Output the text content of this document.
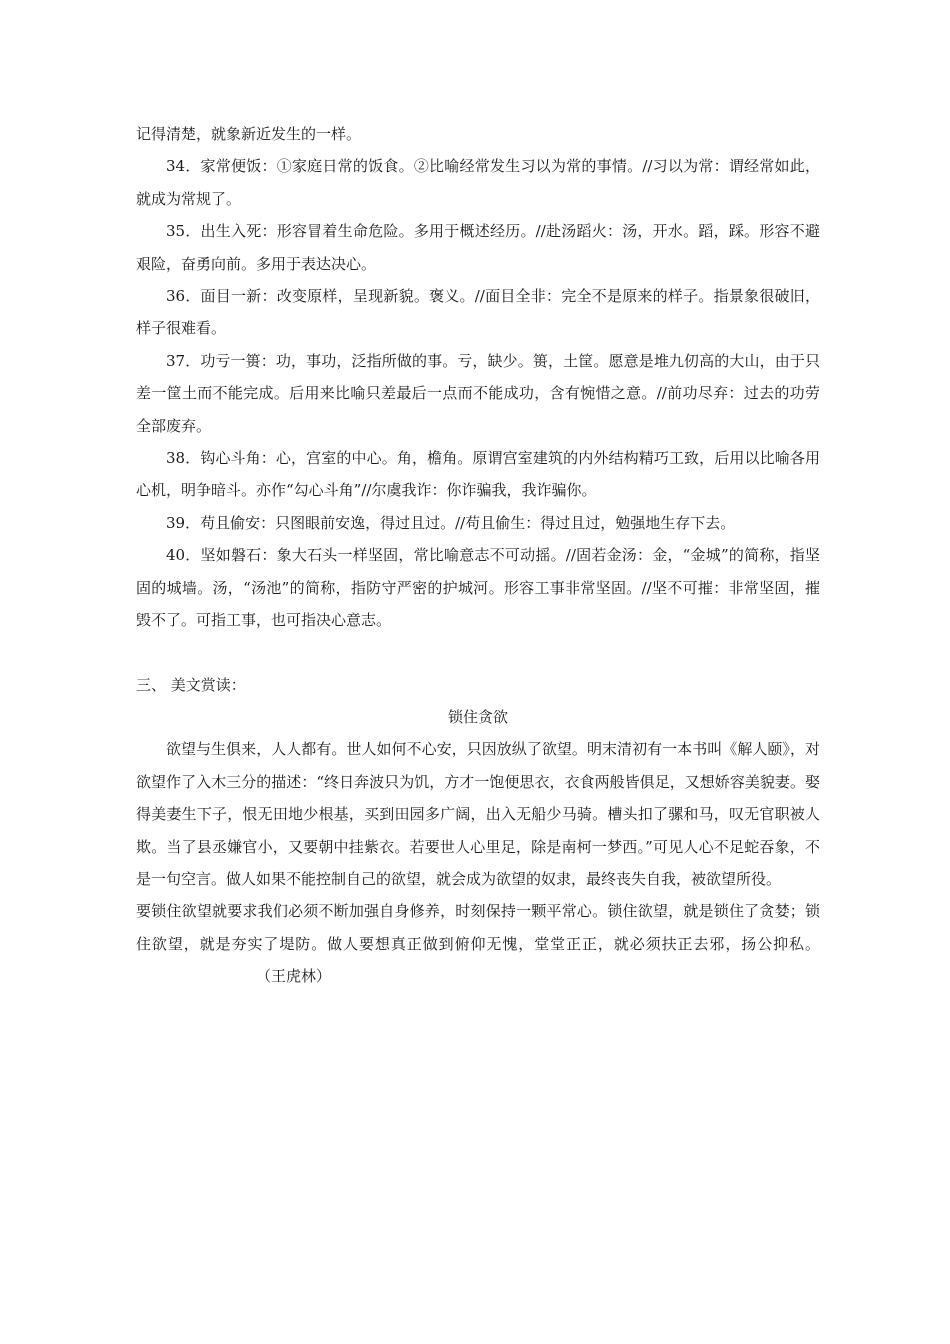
记得清楚，就象新近发生的一样。

34．家常便饭：①家庭日常的饭食。②比喻经常发生习以为常的事情。//习以为常：谓经常如此，就成为常规了。

35．出生入死：形容冒着生命危险。多用于概述经历。//赴汤蹈火：汤，开水。蹈，踩。形容不避艰险，奋勇向前。多用于表达决心。

36．面目一新：改变原样，呈现新貌。褒义。//面目全非：完全不是原来的样子。指景象很破旧，样子很难看。

37．功亏一篑：功，事功，泛指所做的事。亏，缺少。篑，土筐。愿意是堆九仞高的大山，由于只差一筐土而不能完成。后用来比喻只差最后一点而不能成功，含有惋惜之意。//前功尽弃：过去的功劳全部废弃。

38．钩心斗角：心，宫室的中心。角，檐角。原谓宫室建筑的内外结构精巧工致，后用以比喻各用心机，明争暗斗。亦作“勾心斗角”//尔虞我诈：你诈骗我，我诈骗你。

39．苟且偷安：只图眼前安逸，得过且过。//苟且偷生：得过且过，勉强地生存下去。

40．坚如磐石：象大石头一样坚固，常比喻意志不可动摇。//固若金汤：金，“金城”的简称，指坚固的城墙。汤，“汤池”的简称，指防守严密的护城河。形容工事非常坚固。//坚不可摧：非常坚固，摧毁不了。可指工事，也可指决心意志。

三、 美文赏读：

锁住贪欲

欲望与生俱来，人人都有。世人如何不心安，只因放纵了欲望。明末清初有一本书叫《解人颐》，对欲望作了入木三分的描述：“终日奔波只为饥，方才一饱便思衣，衣食两般皆俱足，又想娇容美貌妻。娶得美妻生下子，恨无田地少根基，买到田园多广阔，出入无船少马骑。槽头扣了骡和马，叹无官职被人欺。当了县丞嫌官小，又要朝中挂紫衣。若要世人心里足，除是南柯一梦西。”可见人心不足蛇吞象，不是一句空言。做人如果不能控制自己的欲望，就会成为欲望的奴隶，最终丧失自我，被欲望所役。

要锁住欲望就要求我们必须不断加强自身修养，时刻保持一颗平常心。锁住欲望，就是锁住了贪婪；锁住欲望，就是夯实了堤防。做人要想真正做到俯仰无愧，堂堂正正，就必须扶正去邪，扬公抑私。（王虎林）
